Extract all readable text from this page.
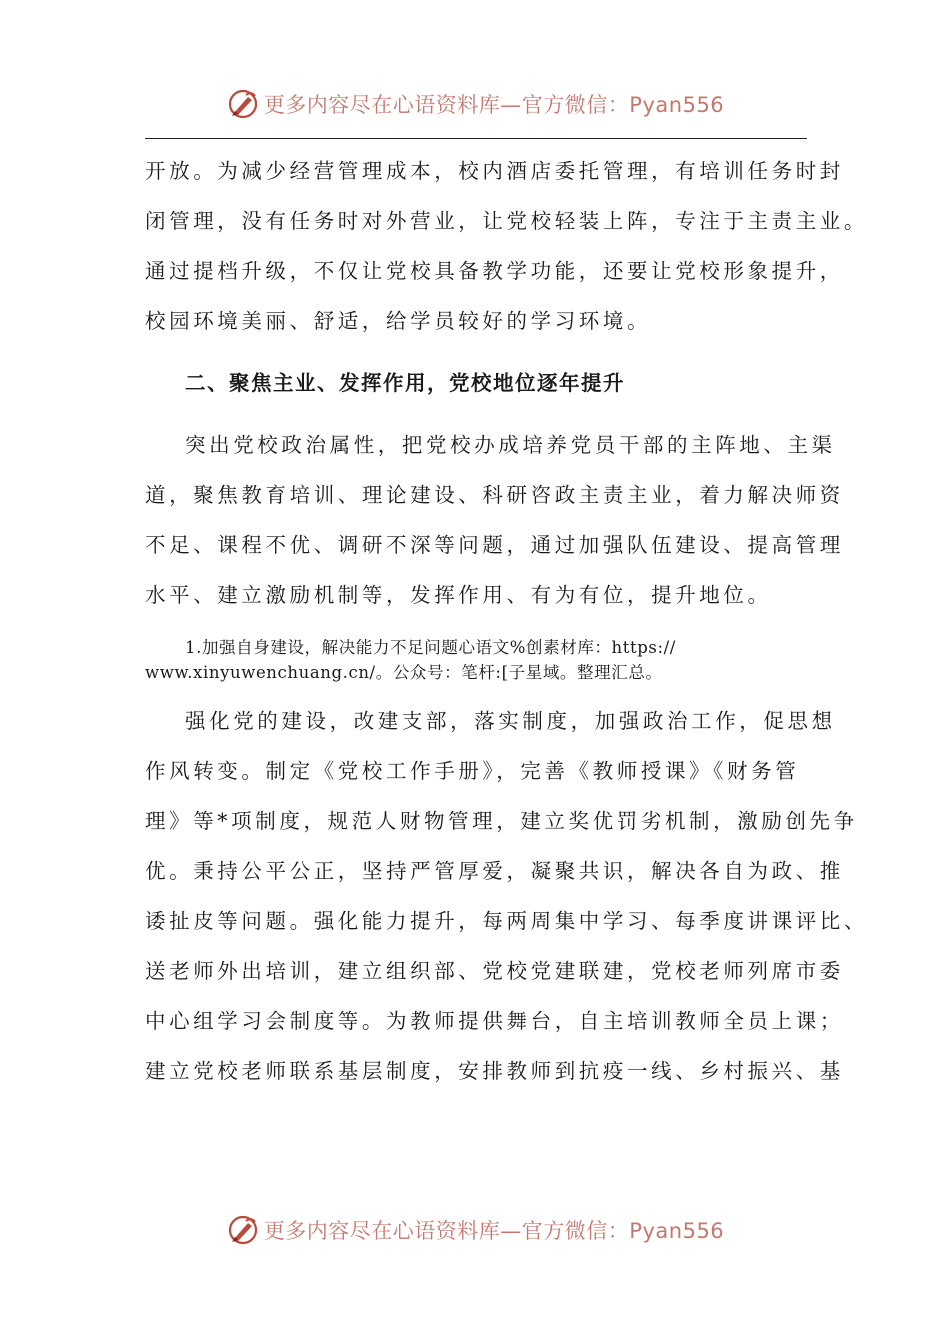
更多内容尽在心语资料库—官方微信：Pyan556
开放。为减少经营管理成本，校内酒店委托管理，有培训任务时封
闭管理，没有任务时对外营业，让党校轻装上阵，专注于主责主业。
通过提档升级，不仅让党校具备教学功能，还要让党校形象提升，
校园环境美丽、舒适，给学员较好的学习环境。
二、聚焦主业、发挥作用，党校地位逐年提升
突出党校政治属性，把党校办成培养党员干部的主阵地、主渠
道，聚焦教育培训、理论建设、科研咨政主责主业，着力解决师资
不足、课程不优、调研不深等问题，通过加强队伍建设、提高管理
水平、建立激励机制等，发挥作用、有为有位，提升地位。
1.加强自身建设，解决能力不足问题心语文%创素材库：https://
www.xinyuwenchuang.cn/。公众号：笔杆:[子星域。整理汇总。
强化党的建设，改建支部，落实制度，加强政治工作，促思想
作风转变。制定《党校工作手册》，完善《教师授课》《财务管
理》等*项制度，规范人财物管理，建立奖优罚劣机制，激励创先争
优。秉持公平公正，坚持严管厚爱，凝聚共识，解决各自为政、推
诿扯皮等问题。强化能力提升，每两周集中学习、每季度讲课评比、
送老师外出培训，建立组织部、党校党建联建，党校老师列席市委
中心组学习会制度等。为教师提供舞台，自主培训教师全员上课；
建立党校老师联系基层制度，安排教师到抗疫一线、乡村振兴、基
更多内容尽在心语资料库—官方微信：Pyan556
